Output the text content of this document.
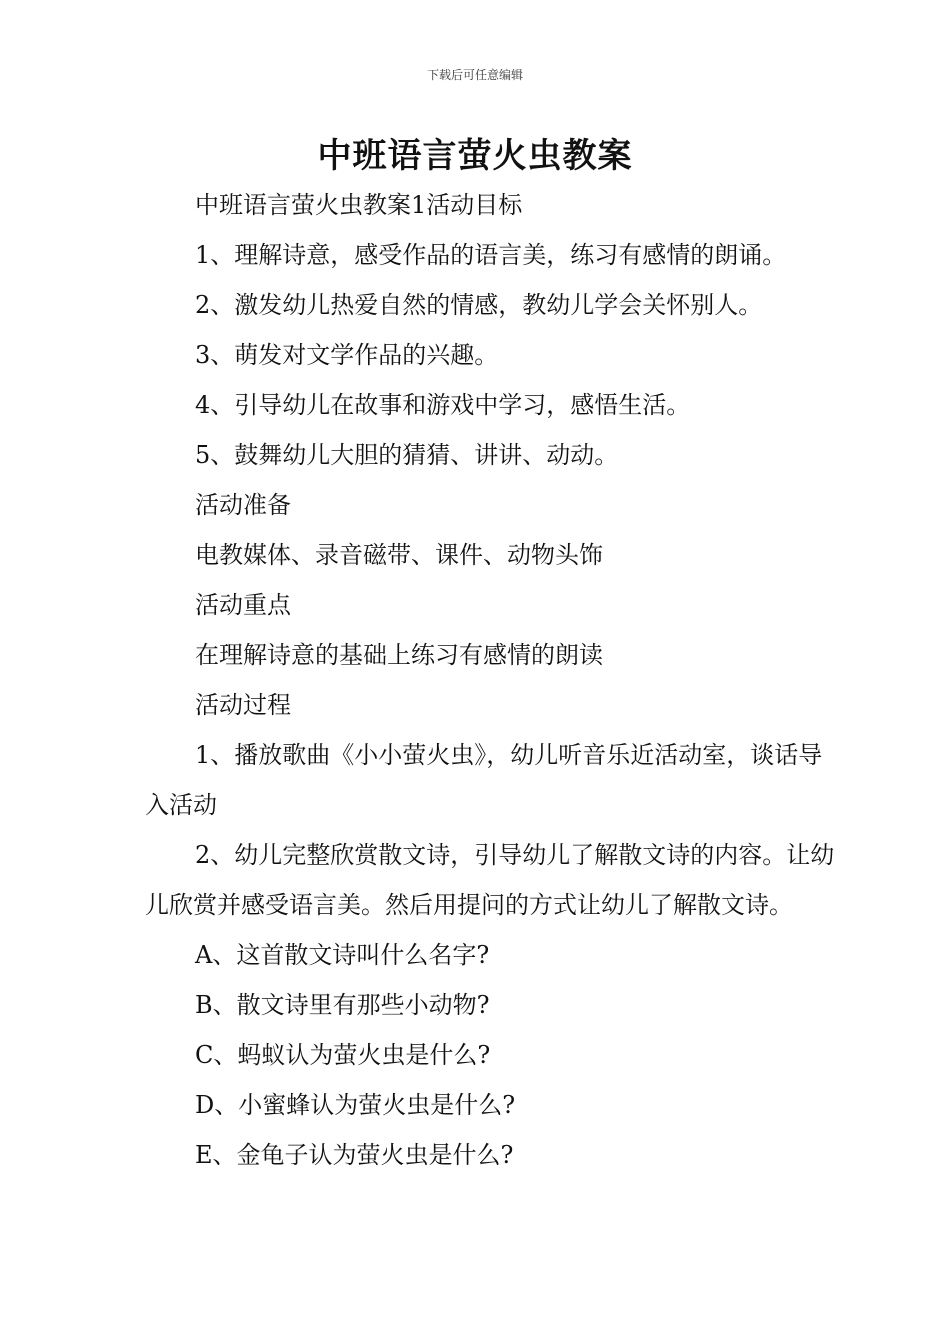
下载后可任意编辑
中班语言萤火虫教案

中班语言萤火虫教案1活动目标

1、理解诗意，感受作品的语言美，练习有感情的朗诵。

2、激发幼儿热爱自然的情感，教幼儿学会关怀别人。

3、萌发对文学作品的兴趣。

4、引导幼儿在故事和游戏中学习，感悟生活。

5、鼓舞幼儿大胆的猜猜、讲讲、动动。

活动准备

电教媒体、录音磁带、课件、动物头饰

活动重点

在理解诗意的基础上练习有感情的朗读

活动过程

1、播放歌曲《小小萤火虫》，幼儿听音乐近活动室，谈话导入活动

2、幼儿完整欣赏散文诗，引导幼儿了解散文诗的内容。让幼儿欣赏并感受语言美。然后用提问的方式让幼儿了解散文诗。

A、这首散文诗叫什么名字?

B、散文诗里有那些小动物?

C、蚂蚁认为萤火虫是什么?

D、小蜜蜂认为萤火虫是什么?

E、金龟子认为萤火虫是什么?
